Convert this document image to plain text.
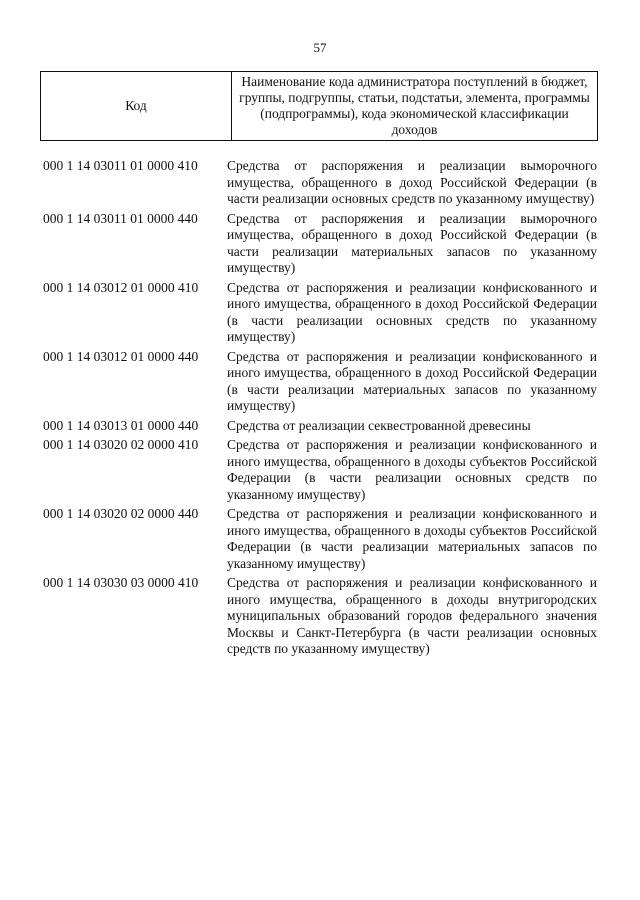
57
Код	Наименование кода администратора поступлений в бюджет, группы, подгруппы, статьи, подстатьи, элемента, программы (подпрограммы), кода экономической классификации доходов
000 1 14 03011 01 0000 410	Средства от распоряжения и реализации выморочного имущества, обращенного в доход Российской Федерации (в части реализации основных средств по указанному имуществу)
000 1 14 03011 01 0000 440	Средства от распоряжения и реализации выморочного имущества, обращенного в доход Российской Федерации (в части реализации материальных запасов по указанному имуществу)
000 1 14 03012 01 0000 410	Средства от распоряжения и реализации конфискованного и иного имущества, обращенного в доход Российской Федерации (в части реализации основных средств по указанному имуществу)
000 1 14 03012 01 0000 440	Средства от распоряжения и реализации конфискованного и иного имущества, обращенного в доход Российской Федерации (в части реализации материальных запасов по указанному имуществу)
000 1 14 03013 01 0000 440	Средства от реализации секвестрованной древесины
000 1 14 03020 02 0000 410	Средства от распоряжения и реализации конфискованного и иного имущества, обращенного в доходы субъектов Российской Федерации (в части реализации основных средств по указанному имуществу)
000 1 14 03020 02 0000 440	Средства от распоряжения и реализации конфискованного и иного имущества, обращенного в доходы субъектов Российской Федерации (в части реализации материальных запасов по указанному имуществу)
000 1 14 03030 03 0000 410	Средства от распоряжения и реализации конфискованного и иного имущества, обращенного в доходы внутригородских муниципальных образований городов федерального значения Москвы и Санкт-Петербурга (в части реализации основных средств по указанному имуществу)
